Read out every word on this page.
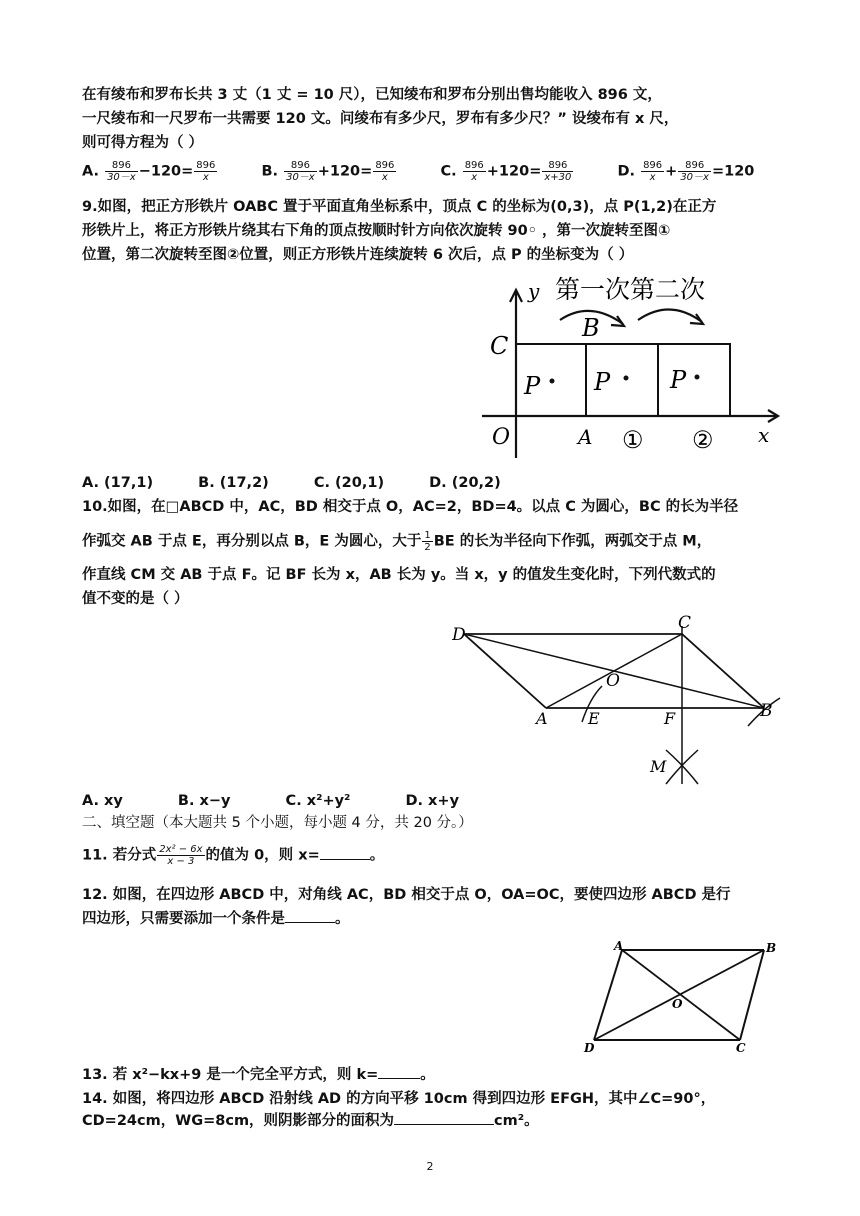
在有绫布和罗布长共 3 丈（1 丈 = 10 尺），已知绫布和罗布分别出售均能收入 896 文，
一尺绫布和一尺罗布一共需要 120 文。问绫布有多少尺，罗布有多少尺？” 设绫布有 x 尺，
则可得方程为（ ）
A. $\frac{896}{30-x} -120= \frac{896}{x}$	B. $\frac{896}{30-x} +120= \frac{896}{x}$	C. $\frac{896}{x} +120= \frac{896}{x+30}$	D. $\frac{896}{x} + \frac{896}{30-x} =120$
9.如图，把正方形铁片 OABC 置于平面直角坐标系中，顶点 C 的坐标为(0,3)，点 P(1,2)在正方
形铁片上，将正方形铁片绕其右下角的顶点按顺时针方向依次旋转 90◦ ，第一次旋转至图①
位置，第二次旋转至图②位置，则正方形铁片连续旋转 6 次后，点 P 的坐标变为（ ）
第一次第二次
y
x
C
O	A
B
P P P
① ②
A. (17,1)	B. (17,2)	C. (20,1)	D. (20,2)
10.如图，在□ABCD 中，AC，BD 相交于点 O，AC=2，BD=4。以点 C 为圆心，BC 的长为半径
作弧交 AB 于点 E，再分别以点 B，E 为圆心，大于 $\frac{1}{2}$ BE 的长为半径向下作弧，两弧交于点 M，
作直线 CM 交 AB 于点 F。记 BF 长为 x，AB 长为 y。当 x，y 的值发生变化时，下列代数式的
值不变的是（ ）
D
C
O
A	E	F	B
M
A. xy	B. x−y	C. x²+y²	D. x+y
二、填空题（本大题共 5 个小题，每小题 4 分，共 20 分。）
11. 若分式 $\frac{\text{2x² − 6x}}{x - 3}$ 的值为 0，则 x=	。
12. 如图，在四边形 ABCD 中，对角线 AC，BD 相交于点 O，OA=OC，要使四边形 ABCD 是行
四边形，只需要添加一个条件是	。
A	B
C
D
O
13. 若 x²−kx+9 是一个完全平方式，则 k=	。
14. 如图，将四边形 ABCD 沿射线 AD 的方向平移 10cm 得到四边形 EFGH，其中∠C=90°，
CD=24cm，WG=8cm，则阴影部分的面积为	cm²。
2
